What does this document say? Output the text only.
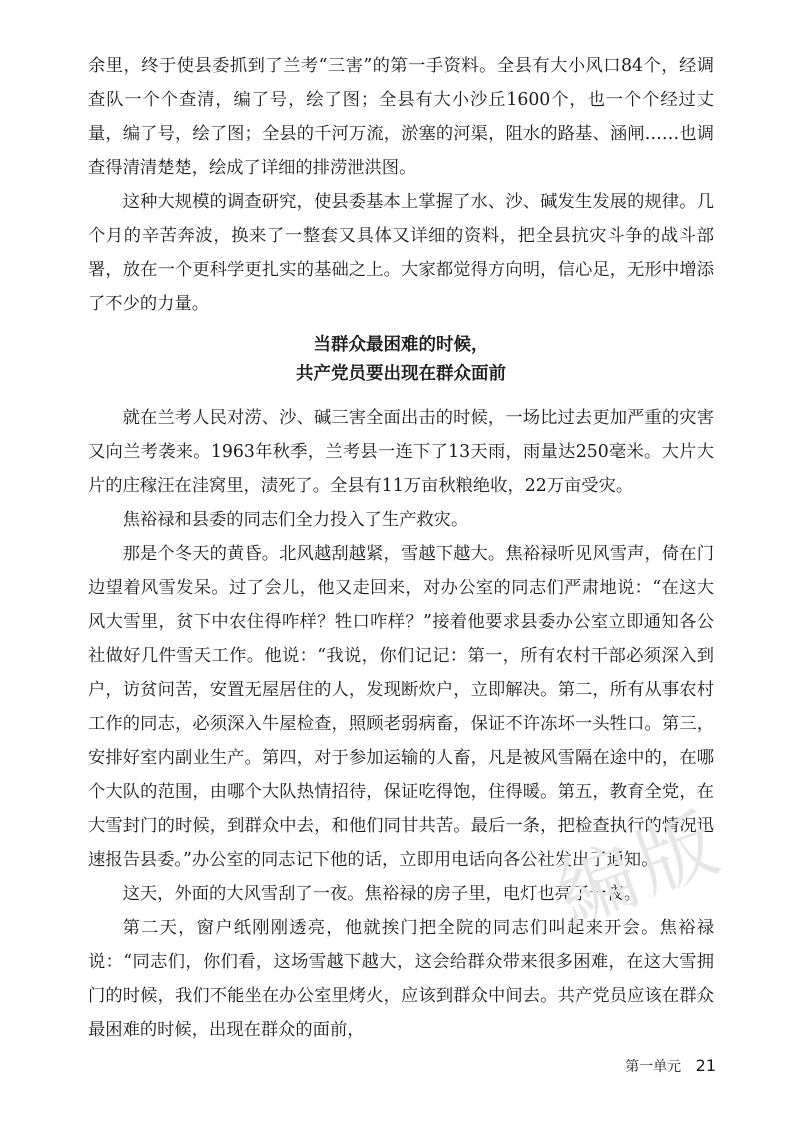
余里，终于使县委抓到了兰考“三害”的第一手资料。全县有大小风口84个，经调查队一个个查清，编了号，绘了图；全县有大小沙丘1600个，也一个个经过丈量，编了号，绘了图；全县的千河万流，淤塞的河渠，阻水的路基、涵闸……也调查得清清楚楚，绘成了详细的排涝泄洪图。

这种大规模的调查研究，使县委基本上掌握了水、沙、碱发生发展的规律。几个月的辛苦奔波，换来了一整套又具体又详细的资料，把全县抗灾斗争的战斗部署，放在一个更科学更扎实的基础之上。大家都觉得方向明，信心足，无形中增添了不少的力量。

当群众最困难的时候，
共产党员要出现在群众面前

就在兰考人民对涝、沙、碱三害全面出击的时候，一场比过去更加严重的灾害又向兰考袭来。1963年秋季，兰考县一连下了13天雨，雨量达250毫米。大片大片的庄稼汪在洼窝里，渍死了。全县有11万亩秋粮绝收，22万亩受灾。

焦裕禄和县委的同志们全力投入了生产救灾。

那是个冬天的黄昏。北风越刮越紧，雪越下越大。焦裕禄听见风雪声，倚在门边望着风雪发呆。过了会儿，他又走回来，对办公室的同志们严肃地说：“在这大风大雪里，贫下中农住得咋样？牲口咋样？”接着他要求县委办公室立即通知各公社做好几件雪天工作。他说：“我说，你们记记：第一，所有农村干部必须深入到户，访贫问苦，安置无屋居住的人，发现断炊户，立即解决。第二，所有从事农村工作的同志，必须深入牛屋检查，照顾老弱病畜，保证不许冻坏一头牲口。第三，安排好室内副业生产。第四，对于参加运输的人畜，凡是被风雪隔在途中的，在哪个大队的范围，由哪个大队热情招待，保证吃得饱，住得暖。第五，教育全党，在大雪封门的时候，到群众中去，和他们同甘共苦。最后一条，把检查执行的情况迅速报告县委。”办公室的同志记下他的话，立即用电话向各公社发出了通知。

这天，外面的大风雪刮了一夜。焦裕禄的房子里，电灯也亮了一夜。

第二天，窗户纸刚刚透亮，他就挨门把全院的同志们叫起来开会。焦裕禄说：“同志们，你们看，这场雪越下越大，这会给群众带来很多困难，在这大雪拥门的时候，我们不能坐在办公室里烤火，应该到群众中间去。共产党员应该在群众最困难的时候，出现在群众的面前，

第一单元 21
編
版
